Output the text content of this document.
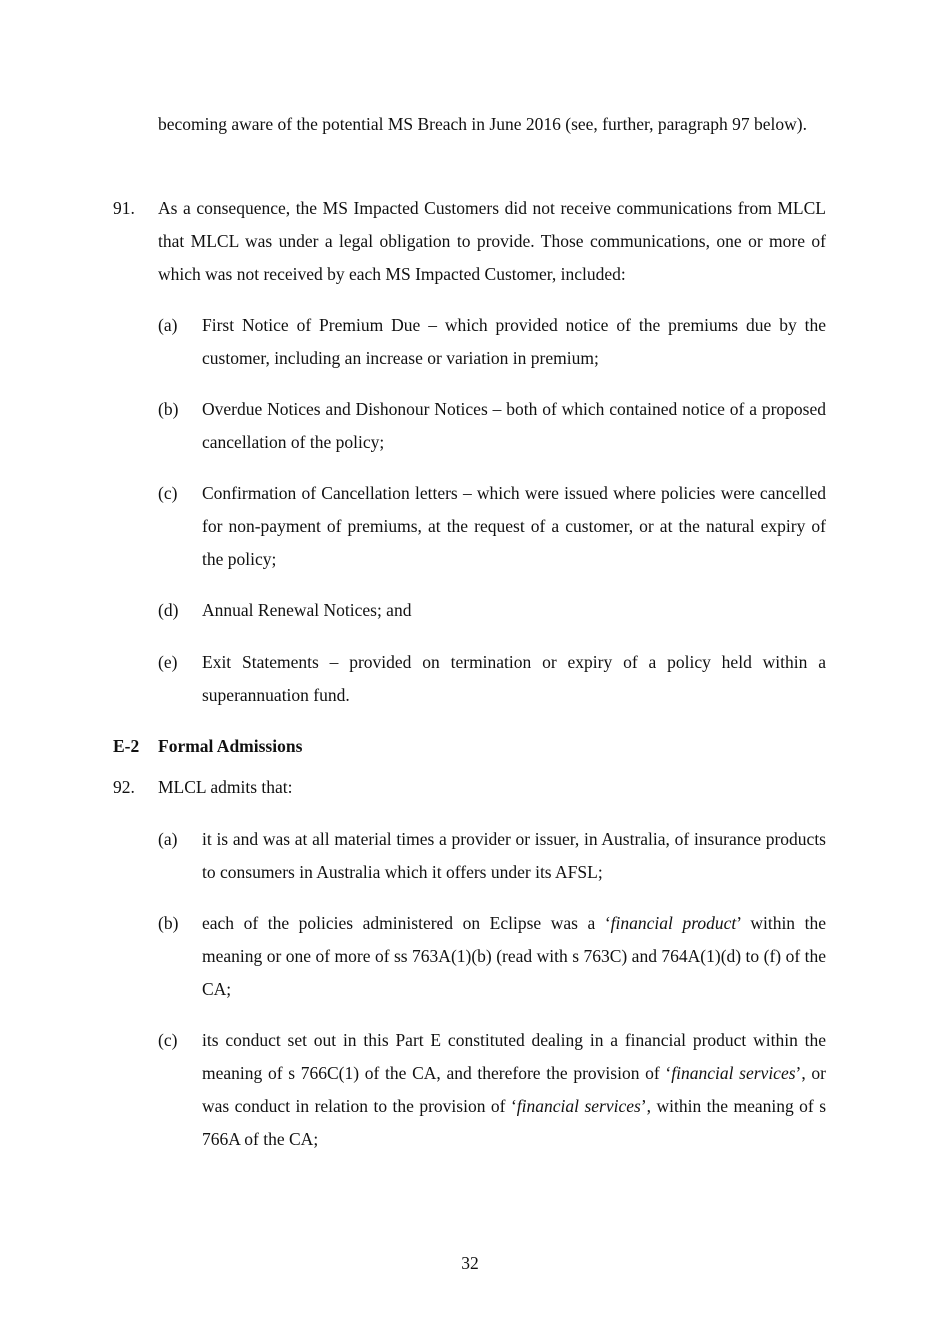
becoming aware of the potential MS Breach in June 2016 (see, further, paragraph 97 below).
91. As a consequence, the MS Impacted Customers did not receive communications from MLCL that MLCL was under a legal obligation to provide. Those communications, one or more of which was not received by each MS Impacted Customer, included:
(a) First Notice of Premium Due – which provided notice of the premiums due by the customer, including an increase or variation in premium;
(b) Overdue Notices and Dishonour Notices – both of which contained notice of a proposed cancellation of the policy;
(c) Confirmation of Cancellation letters – which were issued where policies were cancelled for non-payment of premiums, at the request of a customer, or at the natural expiry of the policy;
(d) Annual Renewal Notices; and
(e) Exit Statements – provided on termination or expiry of a policy held within a superannuation fund.
E-2 Formal Admissions
92. MLCL admits that:
(a) it is and was at all material times a provider or issuer, in Australia, of insurance products to consumers in Australia which it offers under its AFSL;
(b) each of the policies administered on Eclipse was a ‘financial product’ within the meaning or one of more of ss 763A(1)(b) (read with s 763C) and 764A(1)(d) to (f) of the CA;
(c) its conduct set out in this Part E constituted dealing in a financial product within the meaning of s 766C(1) of the CA, and therefore the provision of ‘financial services’, or was conduct in relation to the provision of ‘financial services’, within the meaning of s 766A of the CA;
32
